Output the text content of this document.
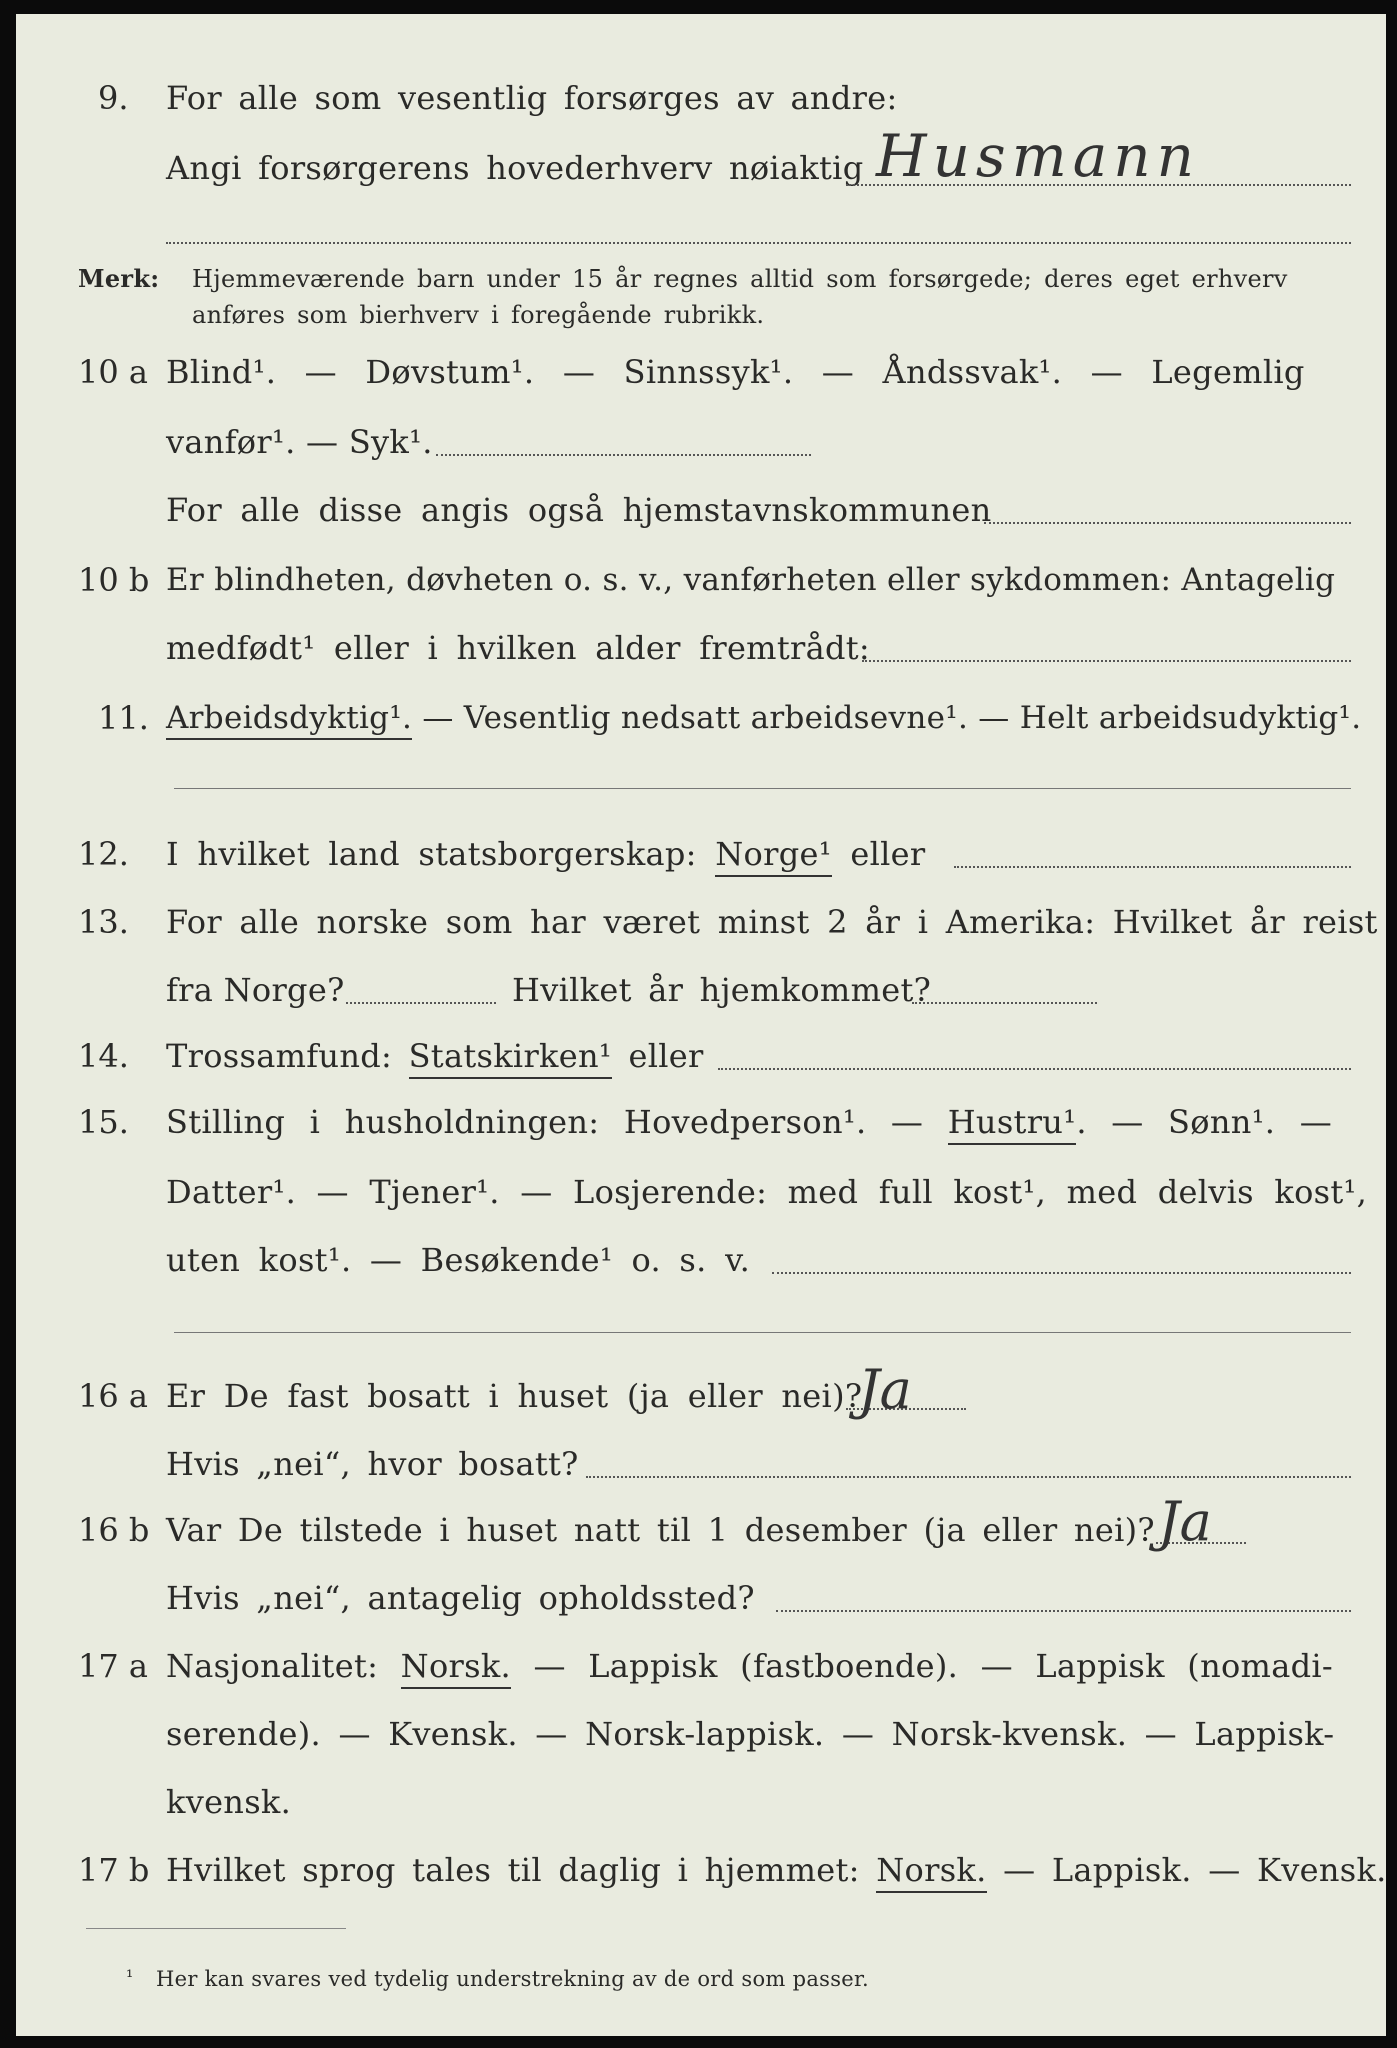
9. For alle som vesentlig forsørges av andre:
Angi forsørgerens hovederhverv nøiaktig Husmann
Merk: Hjemmeværende barn under 15 år regnes alltid som forsørgede; deres eget erhverv
anføres som bierhverv i foregående rubrikk.
10 a Blind¹. — Døvstum¹. — Sinnssyk¹. — Åndssvak¹. — Legemlig
vanfør¹. — Syk¹.
For alle disse angis også hjemstavnskommunen
10 b Er blindheten, døvheten o. s. v., vanførheten eller sykdommen: Antagelig
medfødt¹ eller i hvilken alder fremtrådt:
11. Arbeidsdyktig¹. — Vesentlig nedsatt arbeidsevne¹. — Helt arbeidsudyktig¹.
12. I hvilket land statsborgerskap: Norge¹ eller
13. For alle norske som har været minst 2 år i Amerika: Hvilket år reist
fra Norge?	Hvilket år hjemkommet?
14. Trossamfund: Statskirken¹ eller
15. Stilling i husholdningen: Hovedperson¹. — Hustru¹. — Sønn¹. —
Datter¹. — Tjener¹. — Losjerende: med full kost¹, med delvis kost¹,
uten kost¹. — Besøkende¹ o. s. v.
16 a Er De fast bosatt i huset (ja eller nei)?
Ja
Hvis „nei“, hvor bosatt?
16 b Var De tilstede i huset natt til 1 desember (ja eller nei)? Ja
Hvis „nei“, antagelig opholdssted?
17 a Nasjonalitet: Norsk. — Lappisk (fastboende). — Lappisk (nomadi-
serende). — Kvensk. — Norsk-lappisk. — Norsk-kvensk. — Lappisk-
kvensk.
17 b Hvilket sprog tales til daglig i hjemmet: Norsk. — Lappisk. — Kvensk.
¹ Her kan svares ved tydelig understrekning av de ord som passer.
